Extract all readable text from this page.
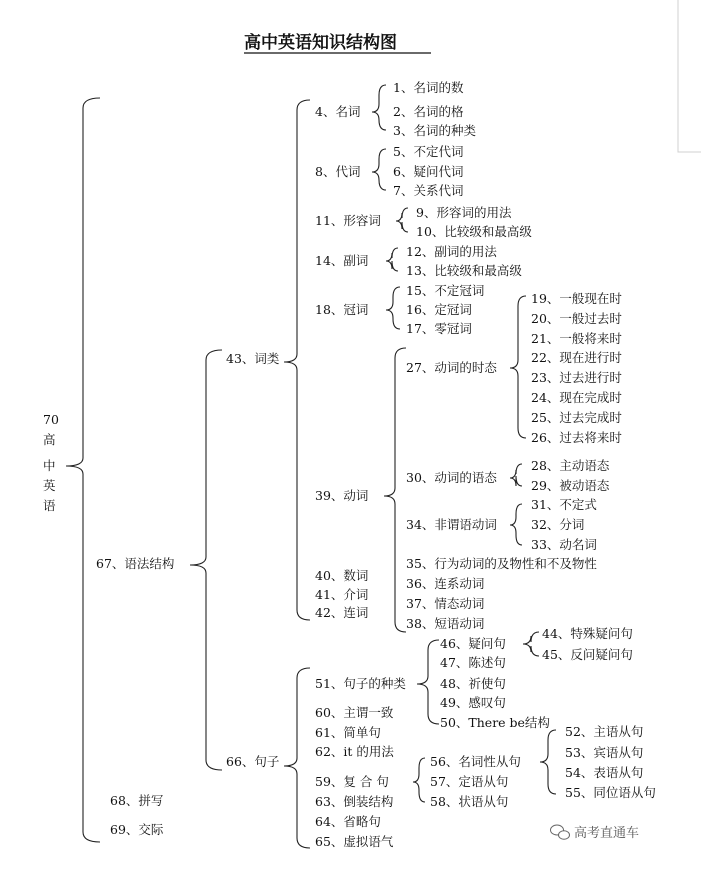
高中英语知识结构图
70
高
中
英
语
1、名词的数
2、名词的格
3、名词的种类
4、名词
5、不定代词
6、疑问代词
7、关系代词
8、代词
9、形容词的用法
10、比较级和最高级
11、形容词
12、副词的用法
13、比较级和最高级
14、副词
15、不定冠词
16、定冠词
17、零冠词
18、冠词
19、一般现在时
20、一般过去时
21、一般将来时
22、现在进行时
23、过去进行时
24、现在完成时
25、过去完成时
26、过去将来时
27、动词的时态
28、主动语态
29、被动语态
30、动词的语态
31、不定式
32、分词
33、动名词
34、非谓语动词
35、行为动词的及物性和不及物性
36、连系动词
37、情态动词
38、短语动词
39、动词
40、数词
41、介词
42、连词
43、词类
44、特殊疑问句
45、反问疑问句
46、疑问句
47、陈述句
48、祈使句
49、感叹句
50、There be结构
51、句子的种类
52、主语从句
53、宾语从句
54、表语从句
55、同位语从句
56、名词性从句
57、定语从句
58、状语从句
59、复 合 句
60、主谓一致
61、简单句
62、it 的用法
63、倒装结构
64、省略句
65、虚拟语气
66、句子
67、语法结构
68、拼写
69、交际	高考直通车
